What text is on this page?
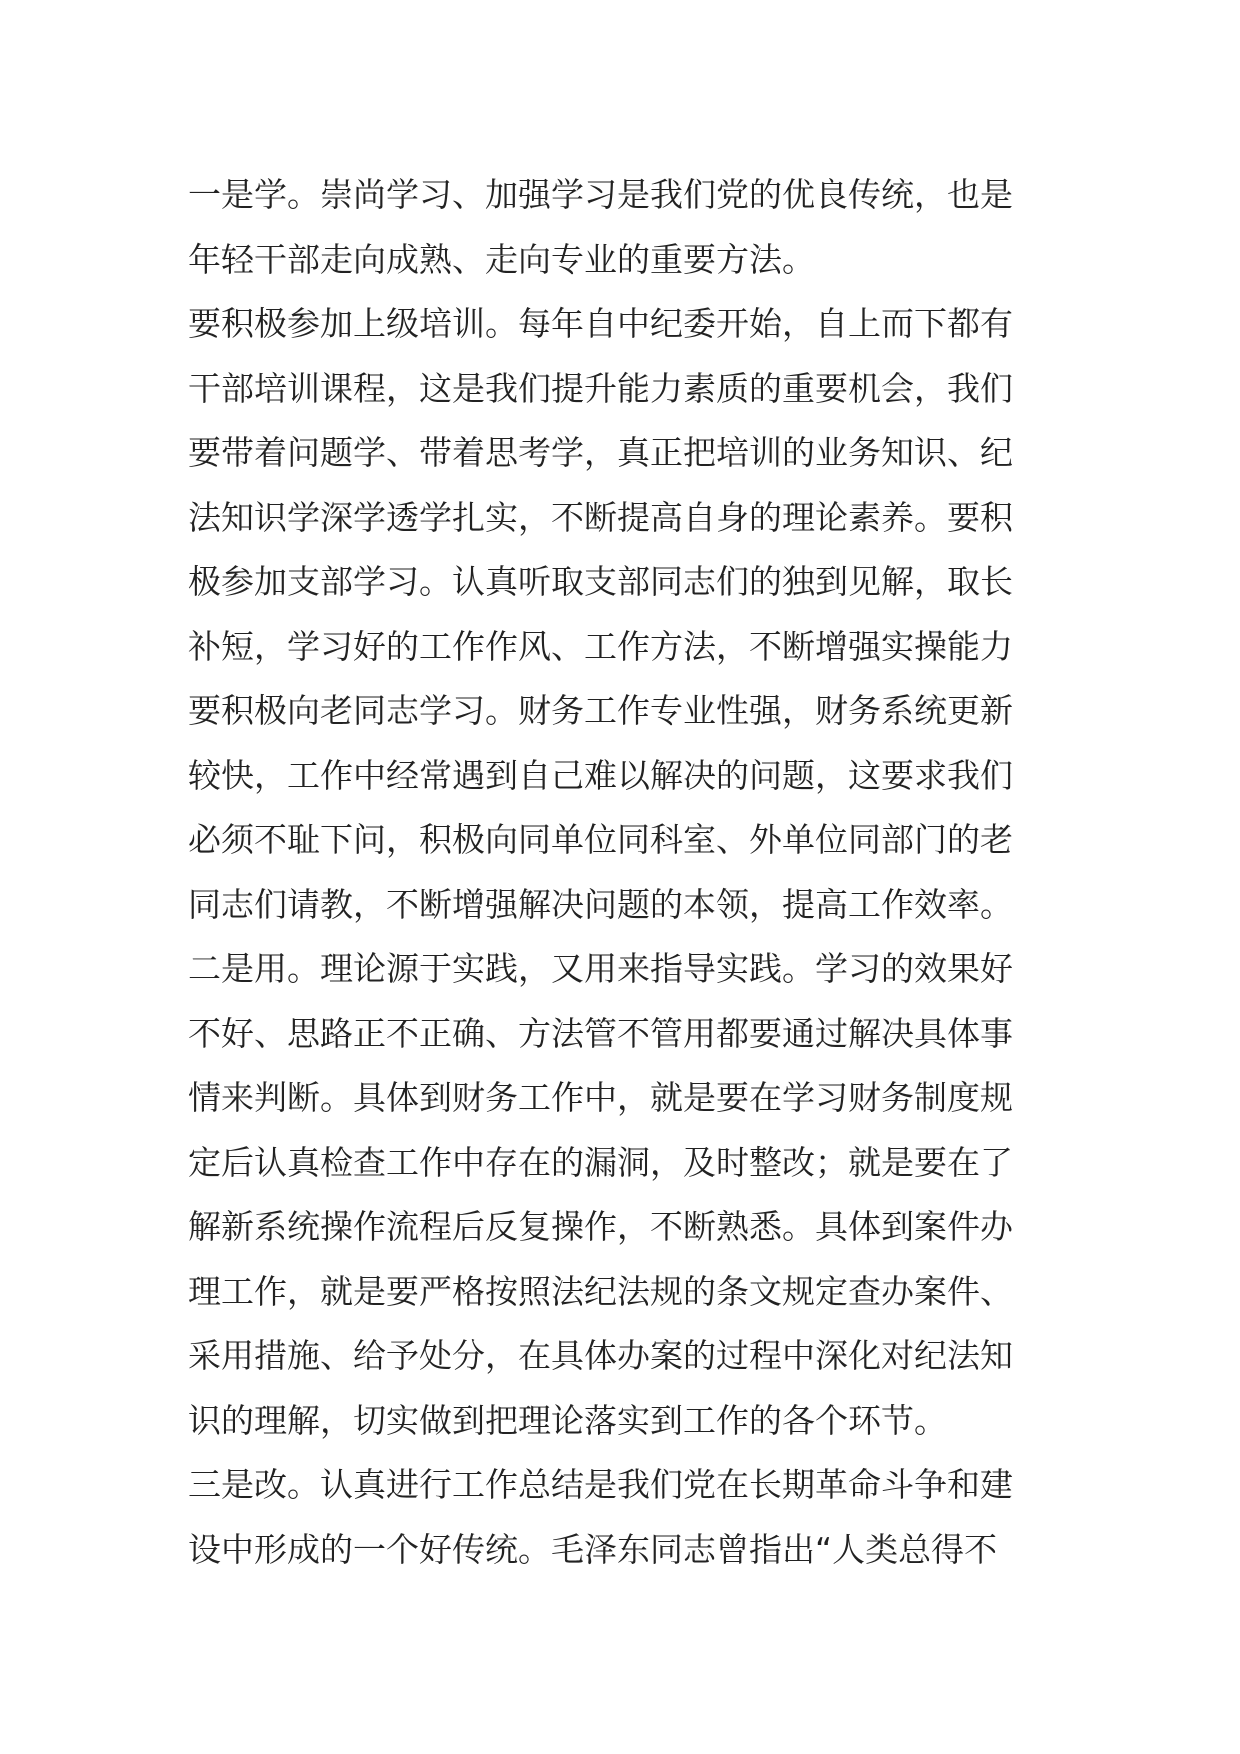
一是学。崇尚学习、加强学习是我们党的优良传统，也是
年轻干部走向成熟、走向专业的重要方法。
要积极参加上级培训。每年自中纪委开始，自上而下都有
干部培训课程，这是我们提升能力素质的重要机会，我们
要带着问题学、带着思考学，真正把培训的业务知识、纪
法知识学深学透学扎实，不断提高自身的理论素养。要积
极参加支部学习。认真听取支部同志们的独到见解，取长
补短，学习好的工作作风、工作方法，不断增强实操能力
要积极向老同志学习。财务工作专业性强，财务系统更新
较快，工作中经常遇到自己难以解决的问题，这要求我们
必须不耻下问，积极向同单位同科室、外单位同部门的老
同志们请教，不断增强解决问题的本领，提高工作效率。
二是用。理论源于实践，又用来指导实践。学习的效果好
不好、思路正不正确、方法管不管用都要通过解决具体事
情来判断。具体到财务工作中，就是要在学习财务制度规
定后认真检查工作中存在的漏洞，及时整改；就是要在了
解新系统操作流程后反复操作，不断熟悉。具体到案件办
理工作，就是要严格按照法纪法规的条文规定查办案件、
采用措施、给予处分，在具体办案的过程中深化对纪法知
识的理解，切实做到把理论落实到工作的各个环节。
三是改。认真进行工作总结是我们党在长期革命斗争和建
设中形成的一个好传统。毛泽东同志曾指出“人类总得不
